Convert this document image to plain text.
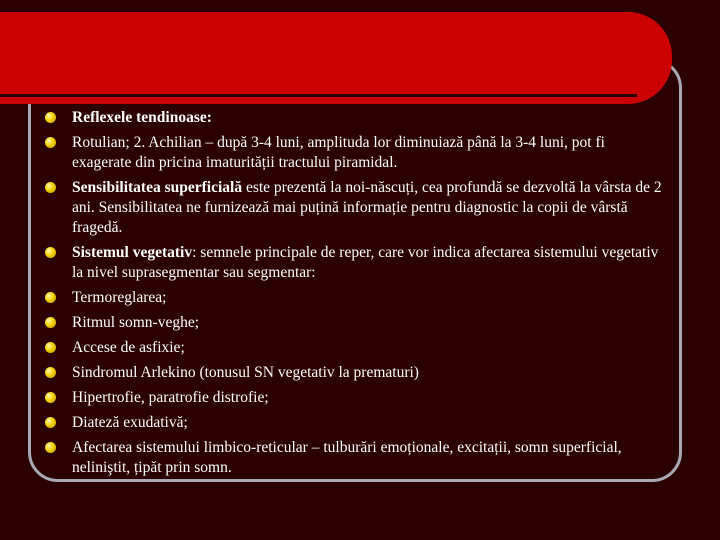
Reflexele tendinoase:
Rotulian; 2. Achilian – după 3-4 luni, amplituda lor diminuiază până la 3-4 luni, pot fi exagerate din pricina imaturității tractului piramidal.
Sensibilitatea superficială este prezentă la noi-născuți, cea profundă se dezvoltă la vârsta de 2 ani. Sensibilitatea ne furnizează mai puțină informație pentru diagnostic la copii de vârstă fragedă.
Sistemul vegetativ: semnele principale de reper, care vor indica afectarea sistemului vegetativ la nivel suprasegmentar sau segmentar:
Termoreglarea;
Ritmul somn-veghe;
Accese de asfixie;
Sindromul Arlekino (tonusul SN vegetativ la prematuri)
Hipertrofie, paratrofie distrofie;
Diateză exudativă;
Afectarea sistemului limbico-reticular – tulburări emoționale, excitații, somn superficial, neliniştit, țipăt prin somn.
